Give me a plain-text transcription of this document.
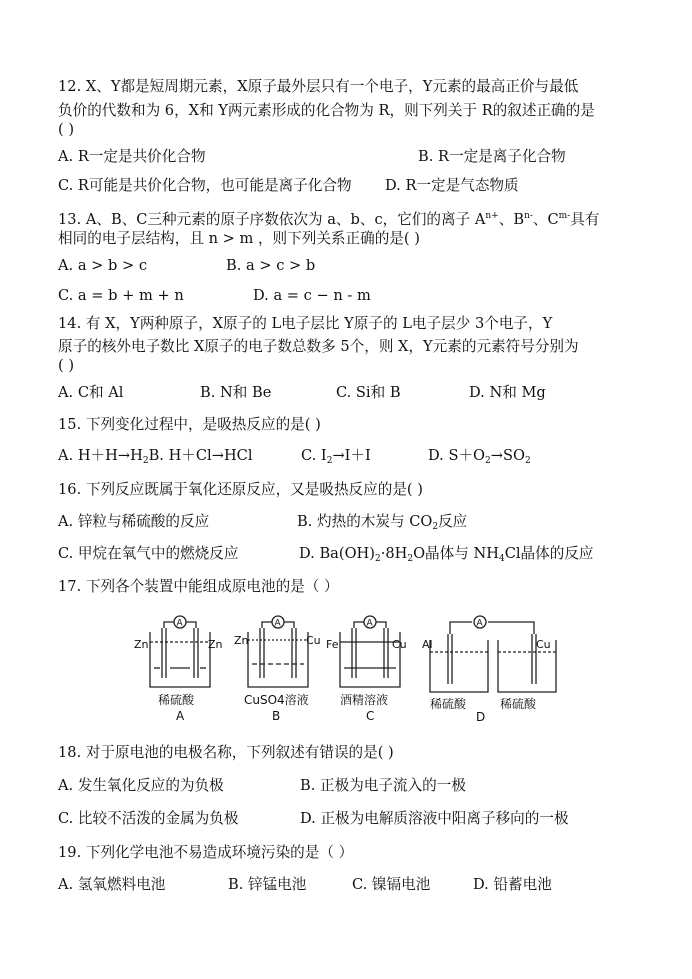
12. X、Y都是短周期元素，X原子最外层只有一个电子，Y元素的最高正价与最低
负价的代数和为 6，X和 Y两元素形成的化合物为 R，则下列关于 R的叙述正确的是
( )
A. R一定是共价化合物	B. R一定是离子化合物
C. R可能是共价化合物，也可能是离子化合物 D. R一定是气态物质
13. A、B、C三种元素的原子序数依次为 a、b、c，它们的离子 $A^{n+}$、$B^{n-}$、$C^{m-}$具有
相同的电子层结构，且 n > m ，则下列关系正确的是( )
A. a > b > c	B. a > c > b
C. a = b + m + n	D. a = c − n - m
14. 有 X，Y两种原子，X原子的 L电子层比 Y原子的 L电子层少 3个电子，Y
原子的核外电子数比 X原子的电子数总数多 5个，则 X，Y元素的元素符号分别为
( )
A. C和 Al	B. N和 Be	C. Si和 B	D. N和 Mg
15. 下列变化过程中，是吸热反应的是( )
A. $H+H\to H_2B$. H＋Cl→HCl	C. $I_2\to I+I$	D. $S+O_2\to SO_2$
16. 下列反应既属于氧化还原反应，又是吸热反应的是( )
A. 锌粒与稀硫酸的反应	B. 灼热的木炭与 $CO_2$反应
C. 甲烷在氧气中的燃烧反应	D. $Ba(OH)_2\cdot 8H_2O$晶体与 $NH_4Cl$晶体的反应
17. 下列各个装置中能组成原电池的是（ ）
A	A	A	A
Zn	Zn
稀硫酸
A
Zn	Cu
CuSO4溶液
B
Fe	Cu
酒精溶液
C
Al	Cu
稀硫酸	稀硫酸
D
18. 对于原电池的电极名称，下列叙述有错误的是( )
A. 发生氧化反应的为负极	B. 正极为电子流入的一极
C. 比较不活泼的金属为负极	D. 正极为电解质溶液中阳离子移向的一极
19. 下列化学电池不易造成环境污染的是（ ）
A. 氢氧燃料电池	B. 锌锰电池	C. 镍镉电池	D. 铅蓄电池
